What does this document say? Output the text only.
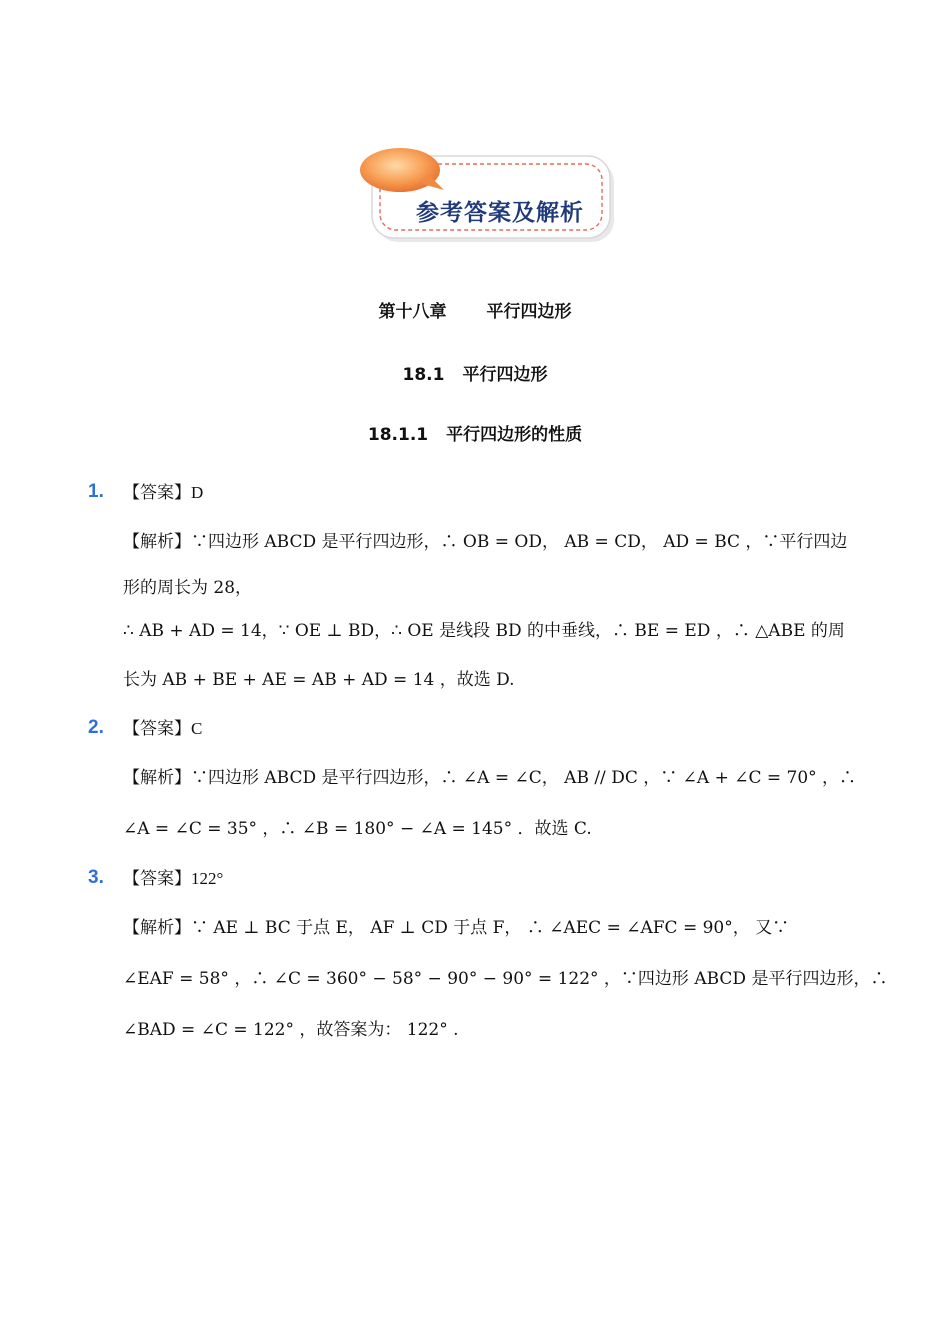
参考答案及解析
第十八章 平行四边形
18.1 平行四边形
18.1.1 平行四边形的性质
1. 【答案】D
【解析】∵四边形 ABCD 是平行四边形，∴ OB = OD， AB = CD， AD = BC ，∵平行四边
形的周长为 28，
∴ AB + AD = 14，∵ OE ⊥ BD，∴ OE 是线段 BD 的中垂线，∴ BE = ED ，∴ △ABE 的周
长为 AB + BE + AE = AB + AD = 14 ，故选 D.
2. 【答案】C
【解析】∵四边形 ABCD 是平行四边形，∴ ∠A = ∠C， AB // DC ，∵ ∠A + ∠C = 70° ，∴
∠A = ∠C = 35° ，∴ ∠B = 180° − ∠A = 145° ．故选 C.
3. 【答案】122°
【解析】∵ AE ⊥ BC 于点 E， AF ⊥ CD 于点 F， ∴ ∠AEC = ∠AFC = 90°， 又∵
∠EAF = 58° ，∴ ∠C = 360° − 58° − 90° − 90° = 122° ，∵四边形 ABCD 是平行四边形，∴
∠BAD = ∠C = 122° ，故答案为： 122° .
